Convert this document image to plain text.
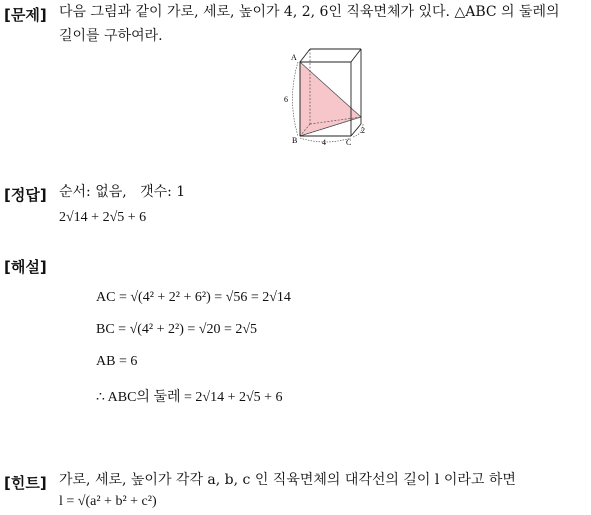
[문제] 다음 그림과 같이 가로, 세로, 높이가 4, 2, 6인 직육면체가 있다. △ABC 의 둘레의
길이를 구하여라.
A
B	C
6
4
2
[정답] 순서: 없음, 갯수: 1
2√14 + 2√5 + 6
[해설]
AC = √(4² + 2² + 6²) = √56 = 2√14
BC = √(4² + 2²) = √20 = 2√5
AB = 6
∴ ABC의 둘레 = 2√14 + 2√5 + 6
[힌트] 가로, 세로, 높이가 각각 a, b, c 인 직육면체의 대각선의 길이 l 이라고 하면
l = √(a² + b² + c²)
